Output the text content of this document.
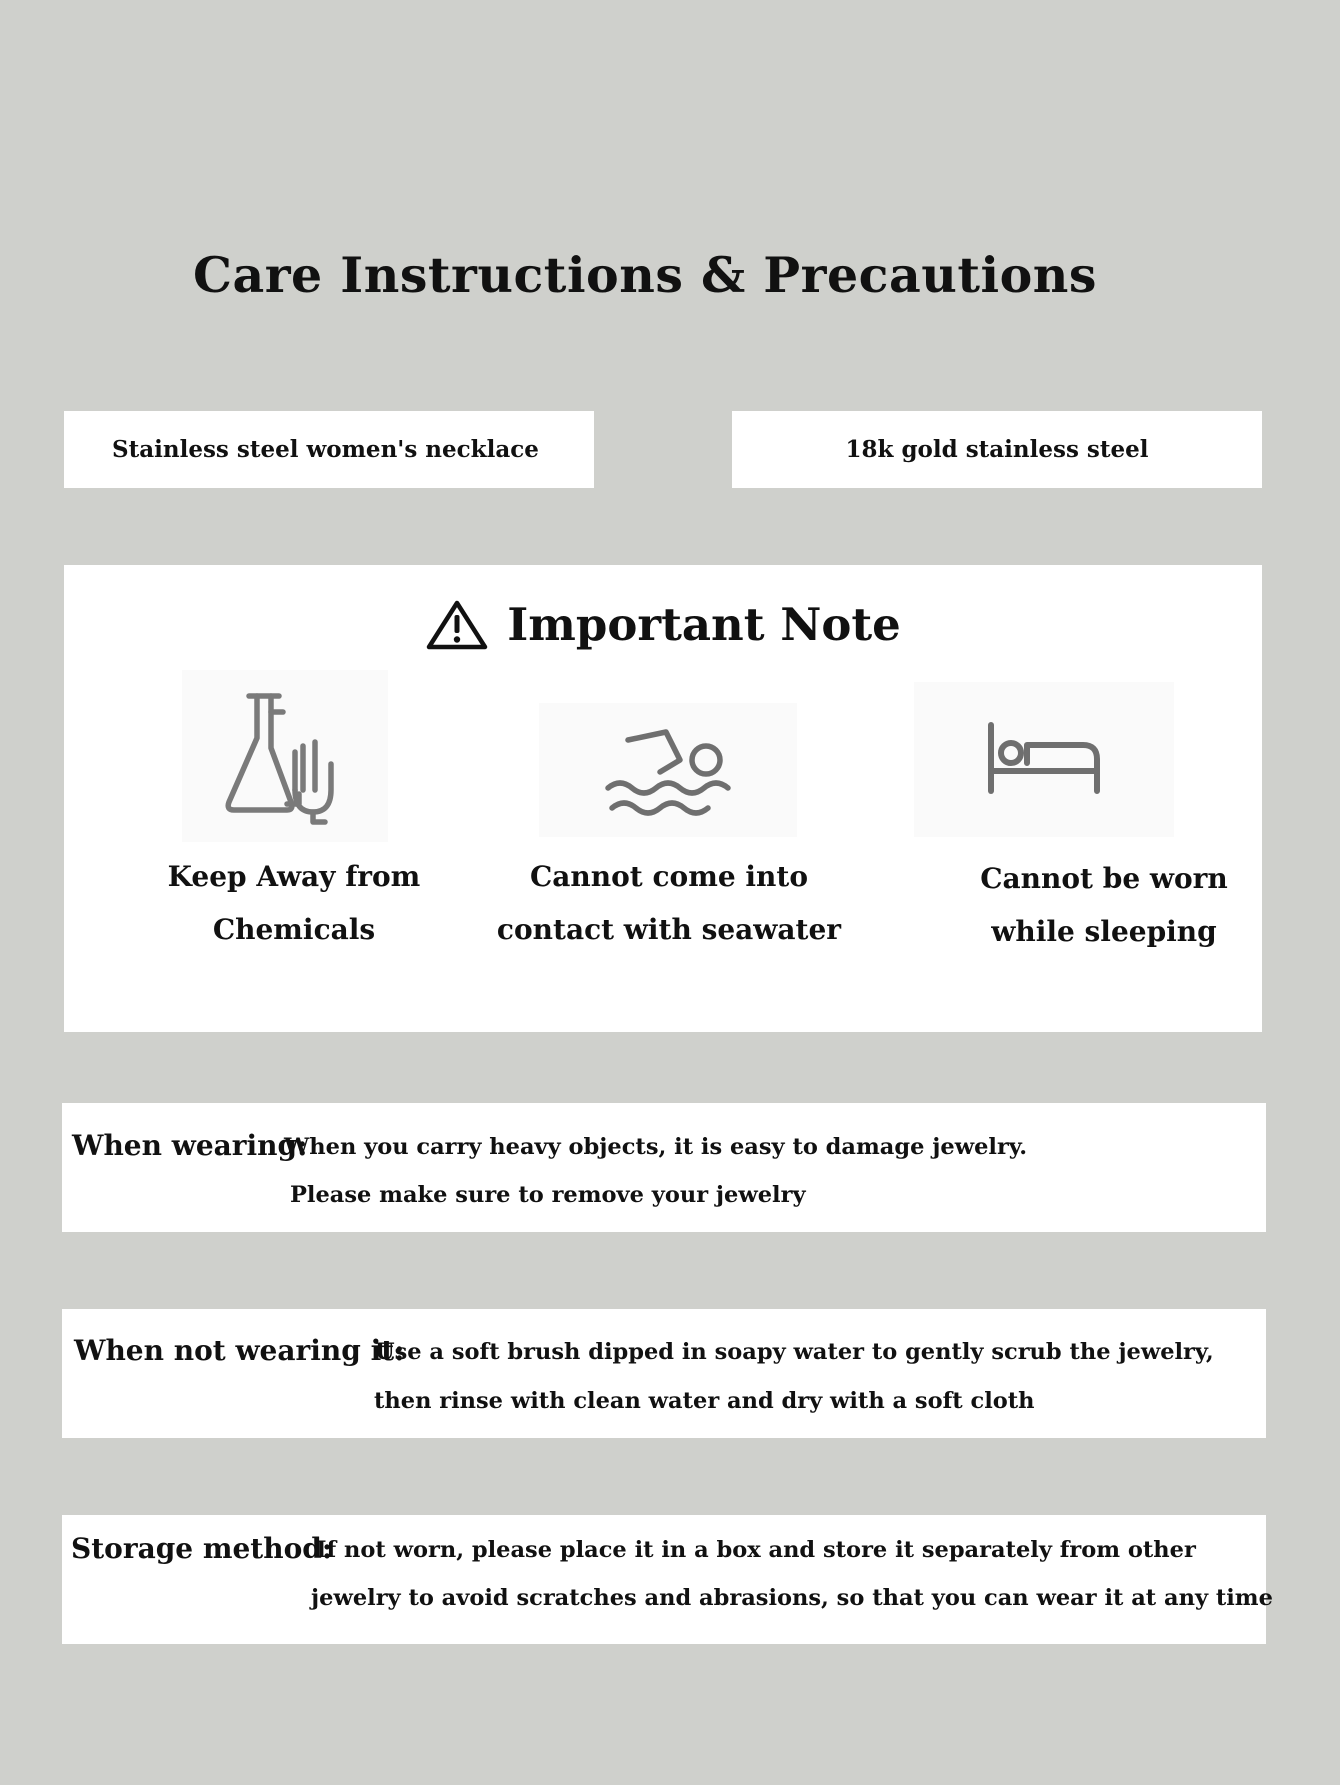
Care Instructions & Precautions
Stainless steel women's necklace	18k gold stainless steel
Important Note
Keep Away from
Chemicals
Cannot come into
contact with seawater
Cannot be worn
while sleeping
When wearing:
When you carry heavy objects, it is easy to damage jewelry.
Please make sure to remove your jewelry
When not wearing it:
Use a soft brush dipped in soapy water to gently scrub the jewelry,
then rinse with clean water and dry with a soft cloth
Storage method:
If not worn, please place it in a box and store it separately from other
jewelry to avoid scratches and abrasions, so that you can wear it at any time
